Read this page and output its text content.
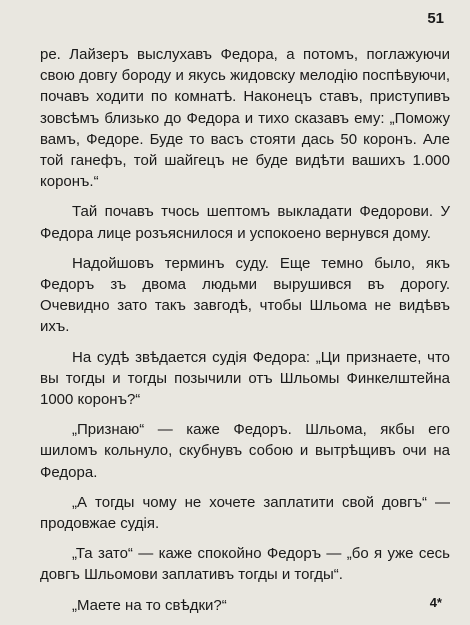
51

ре. Лайзеръ выслухавъ Федора, а потомъ, поглажуючи свою довгу бороду и якусь жидовску мелодію поспѣвуючи, почавъ ходити по комнатѣ. Наконецъ ставъ, приступивъ зовсѣмъ близько до Федора и тихо сказавъ ему: „Поможу вамъ, Федоре. Буде то васъ стояти дась 50 коронъ. Але той ганефъ, той шайгецъ не буде видѣти вашихъ 1.000 коронъ.“

Тай почавъ тчось шептомъ выкладати Федорови. У Федора лице розъяснилося и успокоено вернувся дому.

Надойшовъ терминъ суду. Еще темно было, якъ Федоръ зъ двома людьми вырушився въ дорогу. Очевидно зато такъ завгодѣ, чтобы Шльома не видѣвъ ихъ.

На судѣ звѣдается судія Федора: „Ци признаете, что вы тогды и тогды позычили отъ Шльомы Финкелштейна 1000 коронъ?“

„Признаю“ — каже Федоръ. Шльома, якбы его шиломъ кольнуло, скубнувъ собою и вытрѣщивъ очи на Федора.

„А тогды чому не хочете заплатити свой довгъ“ — продовжае судія.

„Та зато“ — каже спокойно Федоръ — „бо я уже сесь довгъ Шльомови заплативъ тогды и тогды“.

„Маете на то свѣдки?“	4*
